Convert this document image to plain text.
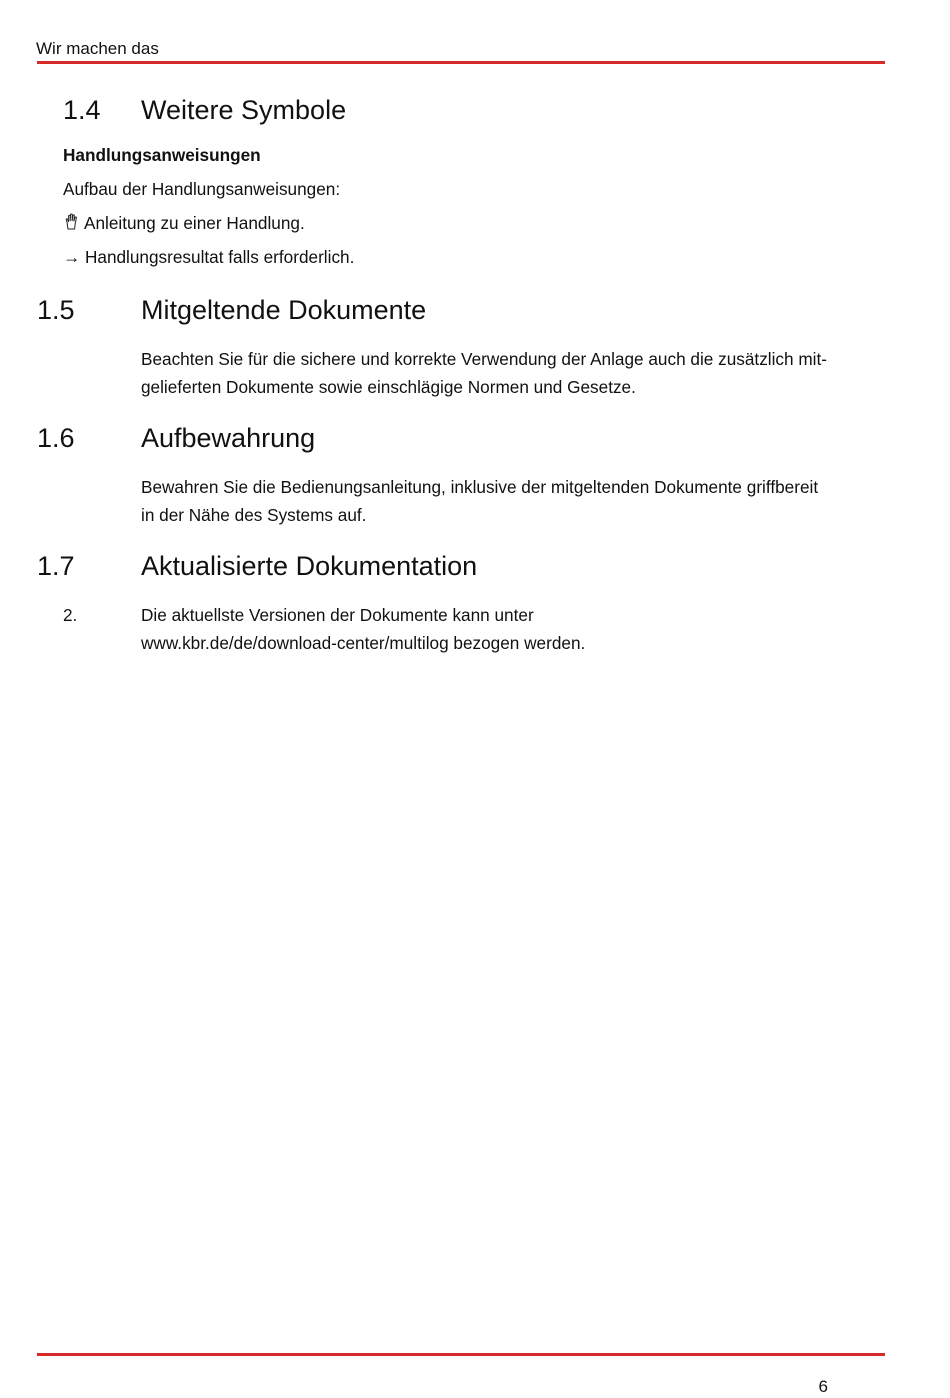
Wir machen das
1.4 Weitere Symbole
Handlungsanweisungen
Aufbau der Handlungsanweisungen:
Anleitung zu einer Handlung.
→ Handlungsresultat falls erforderlich.
1.5 Mitgeltende Dokumente
Beachten Sie für die sichere und korrekte Verwendung der Anlage auch die zusätzlich mit-
gelieferten Dokumente sowie einschlägige Normen und Gesetze.
1.6 Aufbewahrung
Bewahren Sie die Bedienungsanleitung, inklusive der mitgeltenden Dokumente griffbereit
in der Nähe des Systems auf.
1.7 Aktualisierte Dokumentation
2.	Die aktuellste Versionen der Dokumente kann unter
www.kbr.de/de/download-center/multilog bezogen werden.
6
